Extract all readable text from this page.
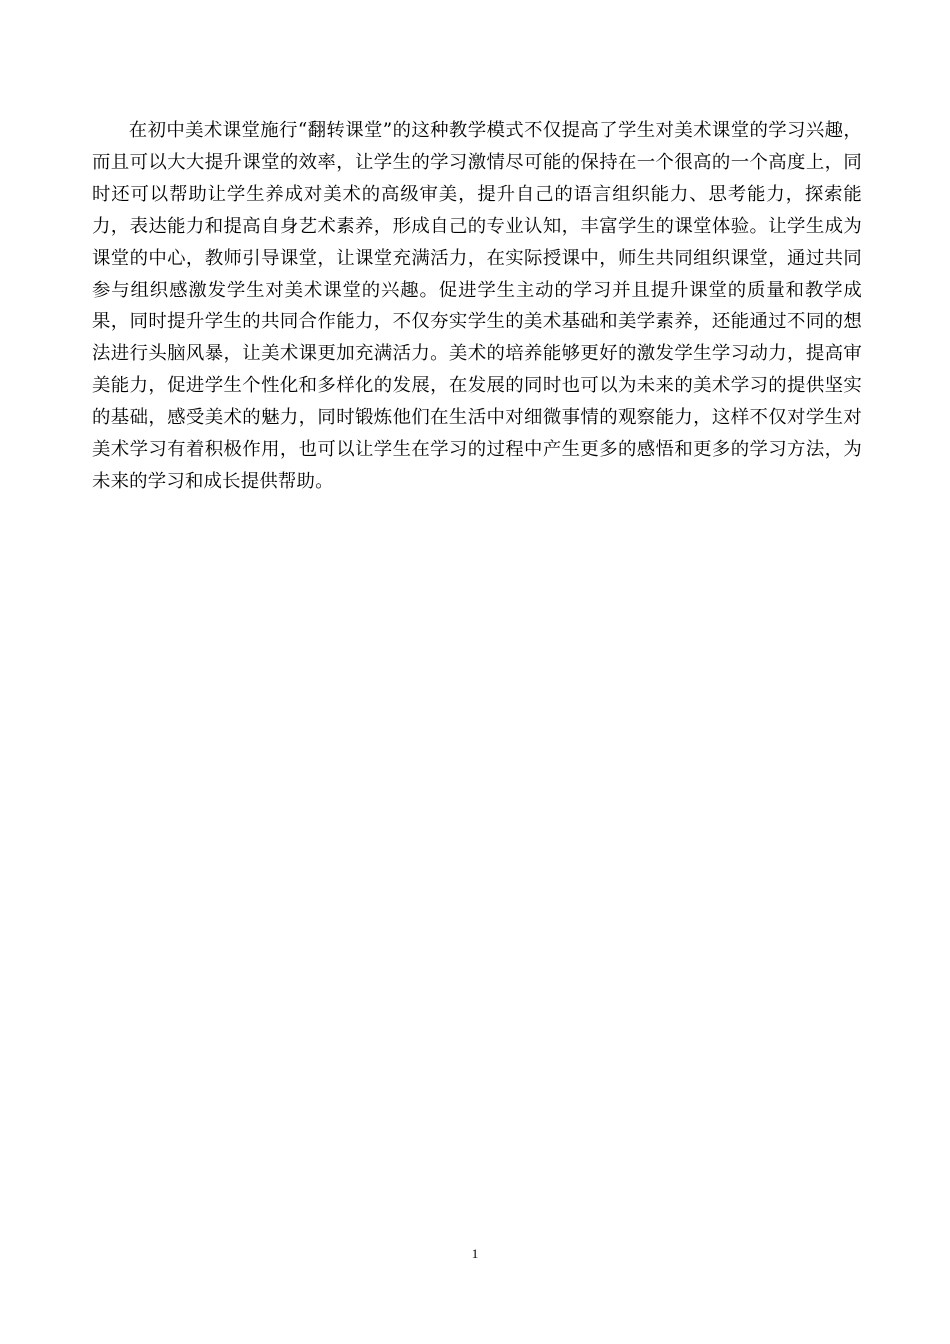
在初中美术课堂施行“翻转课堂”的这种教学模式不仅提高了学生对美术课堂的学习兴趣，而且可以大大提升课堂的效率，让学生的学习激情尽可能的保持在一个很高的一个高度上，同时还可以帮助让学生养成对美术的高级审美，提升自己的语言组织能力、思考能力，探索能力，表达能力和提高自身艺术素养，形成自己的专业认知，丰富学生的课堂体验。让学生成为课堂的中心，教师引导课堂，让课堂充满活力，在实际授课中，师生共同组织课堂，通过共同参与组织感激发学生对美术课堂的兴趣。促进学生主动的学习并且提升课堂的质量和教学成果，同时提升学生的共同合作能力，不仅夯实学生的美术基础和美学素养，还能通过不同的想法进行头脑风暴，让美术课更加充满活力。美术的培养能够更好的激发学生学习动力，提高审美能力，促进学生个性化和多样化的发展，在发展的同时也可以为未来的美术学习的提供坚实的基础，感受美术的魅力，同时锻炼他们在生活中对细微事情的观察能力，这样不仅对学生对美术学习有着积极作用，也可以让学生在学习的过程中产生更多的感悟和更多的学习方法，为未来的学习和成长提供帮助。

1
